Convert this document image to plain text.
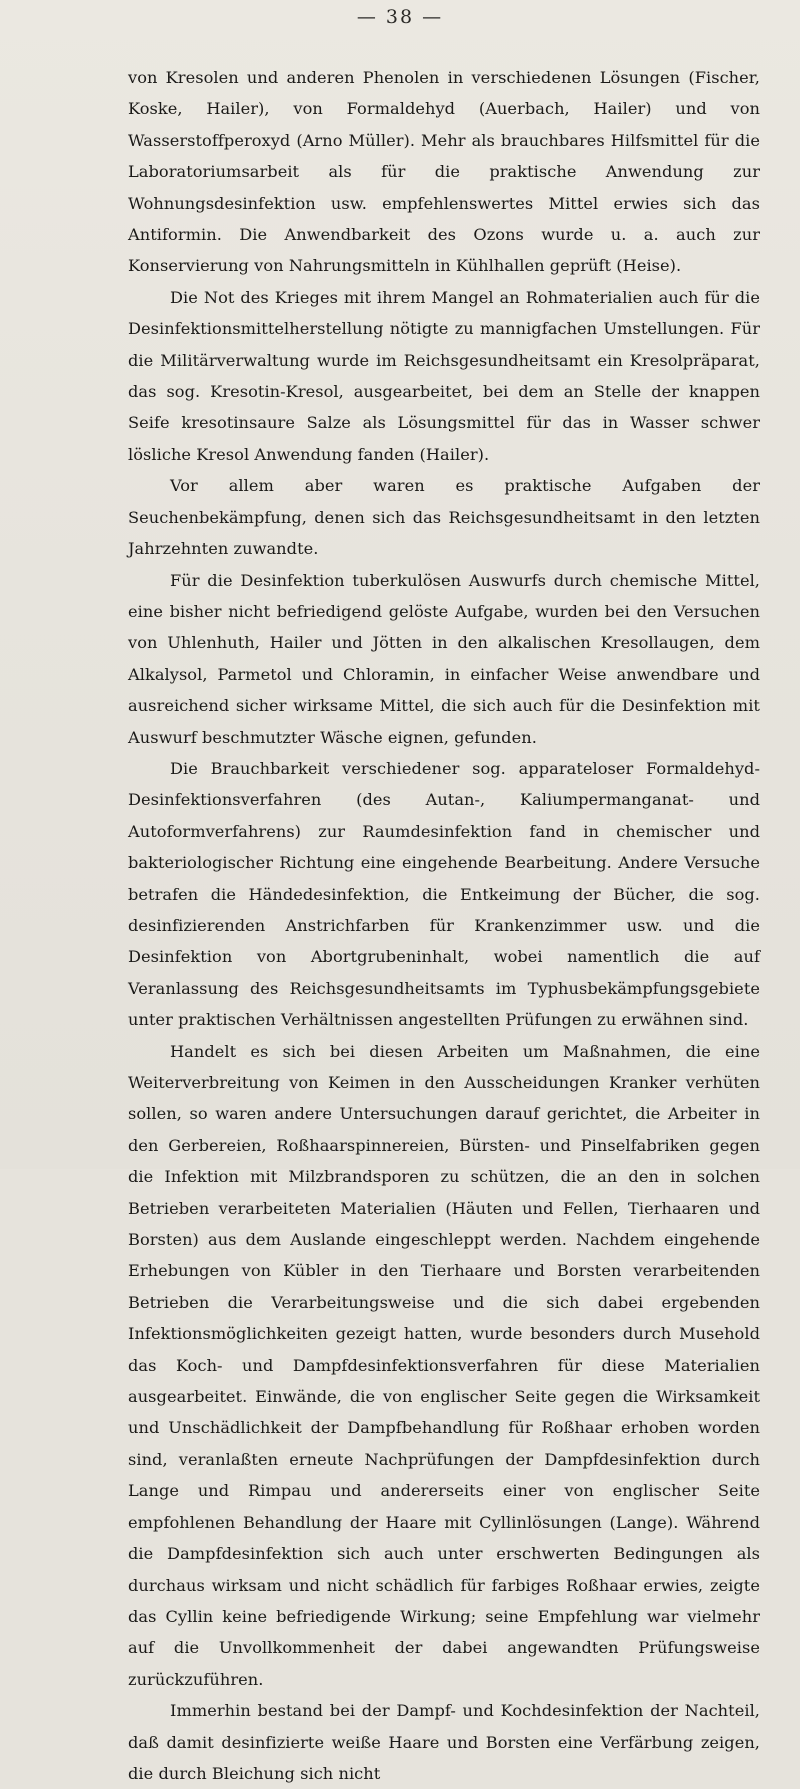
— 38 —

von Kresolen und anderen Phenolen in verschiedenen Lösungen (Fischer, Koske, Hailer), von Formaldehyd (Auerbach, Hailer) und von Wasserstoffperoxyd (Arno Müller). Mehr als brauchbares Hilfsmittel für die Laboratoriumsarbeit als für die praktische Anwendung zur Wohnungsdesinfektion usw. empfehlenswertes Mittel erwies sich das Antiformin. Die Anwendbarkeit des Ozons wurde u. a. auch zur Konservierung von Nahrungsmitteln in Kühlhallen geprüft (Heise).

Die Not des Krieges mit ihrem Mangel an Rohmaterialien auch für die Desinfektionsmittelherstellung nötigte zu mannigfachen Umstellungen. Für die Militärverwaltung wurde im Reichsgesundheitsamt ein Kresolpräparat, das sog. Kresotin-Kresol, ausgearbeitet, bei dem an Stelle der knappen Seife kresotinsaure Salze als Lösungsmittel für das in Wasser schwer lösliche Kresol Anwendung fanden (Hailer).

Vor allem aber waren es praktische Aufgaben der Seuchenbekämpfung, denen sich das Reichsgesundheitsamt in den letzten Jahrzehnten zuwandte.

Für die Desinfektion tuberkulösen Auswurfs durch chemische Mittel, eine bisher nicht befriedigend gelöste Aufgabe, wurden bei den Versuchen von Uhlenhuth, Hailer und Jötten in den alkalischen Kresollaugen, dem Alkalysol, Parmetol und Chloramin, in einfacher Weise anwendbare und ausreichend sicher wirksame Mittel, die sich auch für die Desinfektion mit Auswurf beschmutzter Wäsche eignen, gefunden.

Die Brauchbarkeit verschiedener sog. apparateloser Formaldehyd-Desinfektionsverfahren (des Autan-, Kaliumpermanganat- und Autoformverfahrens) zur Raumdesinfektion fand in chemischer und bakteriologischer Richtung eine eingehende Bearbeitung. Andere Versuche betrafen die Händedesinfektion, die Entkeimung der Bücher, die sog. desinfizierenden Anstrichfarben für Krankenzimmer usw. und die Desinfektion von Abortgrubeninhalt, wobei namentlich die auf Veranlassung des Reichsgesundheitsamts im Typhusbekämpfungsgebiete unter praktischen Verhältnissen angestellten Prüfungen zu erwähnen sind.

Handelt es sich bei diesen Arbeiten um Maßnahmen, die eine Weiterverbreitung von Keimen in den Ausscheidungen Kranker verhüten sollen, so waren andere Untersuchungen darauf gerichtet, die Arbeiter in den Gerbereien, Roßhaarspinnereien, Bürsten- und Pinselfabriken gegen die Infektion mit Milzbrandsporen zu schützen, die an den in solchen Betrieben verarbeiteten Materialien (Häuten und Fellen, Tierhaaren und Borsten) aus dem Auslande eingeschleppt werden. Nachdem eingehende Erhebungen von Kübler in den Tierhaare und Borsten verarbeitenden Betrieben die Verarbeitungsweise und die sich dabei ergebenden Infektionsmöglichkeiten gezeigt hatten, wurde besonders durch Musehold das Koch- und Dampfdesinfektionsverfahren für diese Materialien ausgearbeitet. Einwände, die von englischer Seite gegen die Wirksamkeit und Unschädlichkeit der Dampfbehandlung für Roßhaar erhoben worden sind, veranlaßten erneute Nachprüfungen der Dampfdesinfektion durch Lange und Rimpau und andererseits einer von englischer Seite empfohlenen Behandlung der Haare mit Cyllinlösungen (Lange). Während die Dampfdesinfektion sich auch unter erschwerten Bedingungen als durchaus wirksam und nicht schädlich für farbiges Roßhaar erwies, zeigte das Cyllin keine befriedigende Wirkung; seine Empfehlung war vielmehr auf die Unvollkommenheit der dabei angewandten Prüfungsweise zurückzuführen.

Immerhin bestand bei der Dampf- und Kochdesinfektion der Nachteil, daß damit desinfizierte weiße Haare und Borsten eine Verfärbung zeigen, die durch Bleichung sich nicht
